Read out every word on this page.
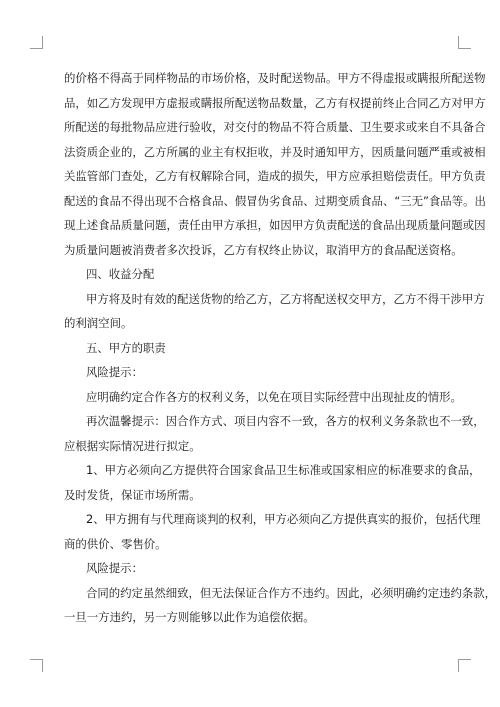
的价格不得高于同样物品的市场价格，及时配送物品。甲方不得虚报或瞒报所配送物
品，如乙方发现甲方虚报或瞒报所配送物品数量，乙方有权提前终止合同乙方对甲方
所配送的每批物品应进行验收，对交付的物品不符合质量、卫生要求或来自不具备合
法资质企业的，乙方所属的业主有权拒收，并及时通知甲方，因质量问题严重或被相
关监管部门查处，乙方有权解除合同，造成的损失，甲方应承担赔偿责任。甲方负责
配送的食品不得出现不合格食品、假冒伪劣食品、过期变质食品、“三无”食品等。出
现上述食品质量问题，责任由甲方承担，如因甲方负责配送的食品出现质量问题或因
为质量问题被消费者多次投诉，乙方有权终止协议，取消甲方的食品配送资格。
四、收益分配
甲方将及时有效的配送货物的给乙方，乙方将配送权交甲方，乙方不得干涉甲方
的利润空间。
五、甲方的职责
风险提示：
应明确约定合作各方的权利义务，以免在项目实际经营中出现扯皮的情形。
再次温馨提示：因合作方式、项目内容不一致，各方的权利义务条款也不一致，
应根据实际情况进行拟定。
1、甲方必须向乙方提供符合国家食品卫生标准或国家相应的标准要求的食品，
及时发货，保证市场所需。
2、甲方拥有与代理商谈判的权利，甲方必须向乙方提供真实的报价，包括代理
商的供价、零售价。
风险提示：
合同的约定虽然细致，但无法保证合作方不违约。因此，必须明确约定违约条款，
一旦一方违约，另一方则能够以此作为追偿依据。
